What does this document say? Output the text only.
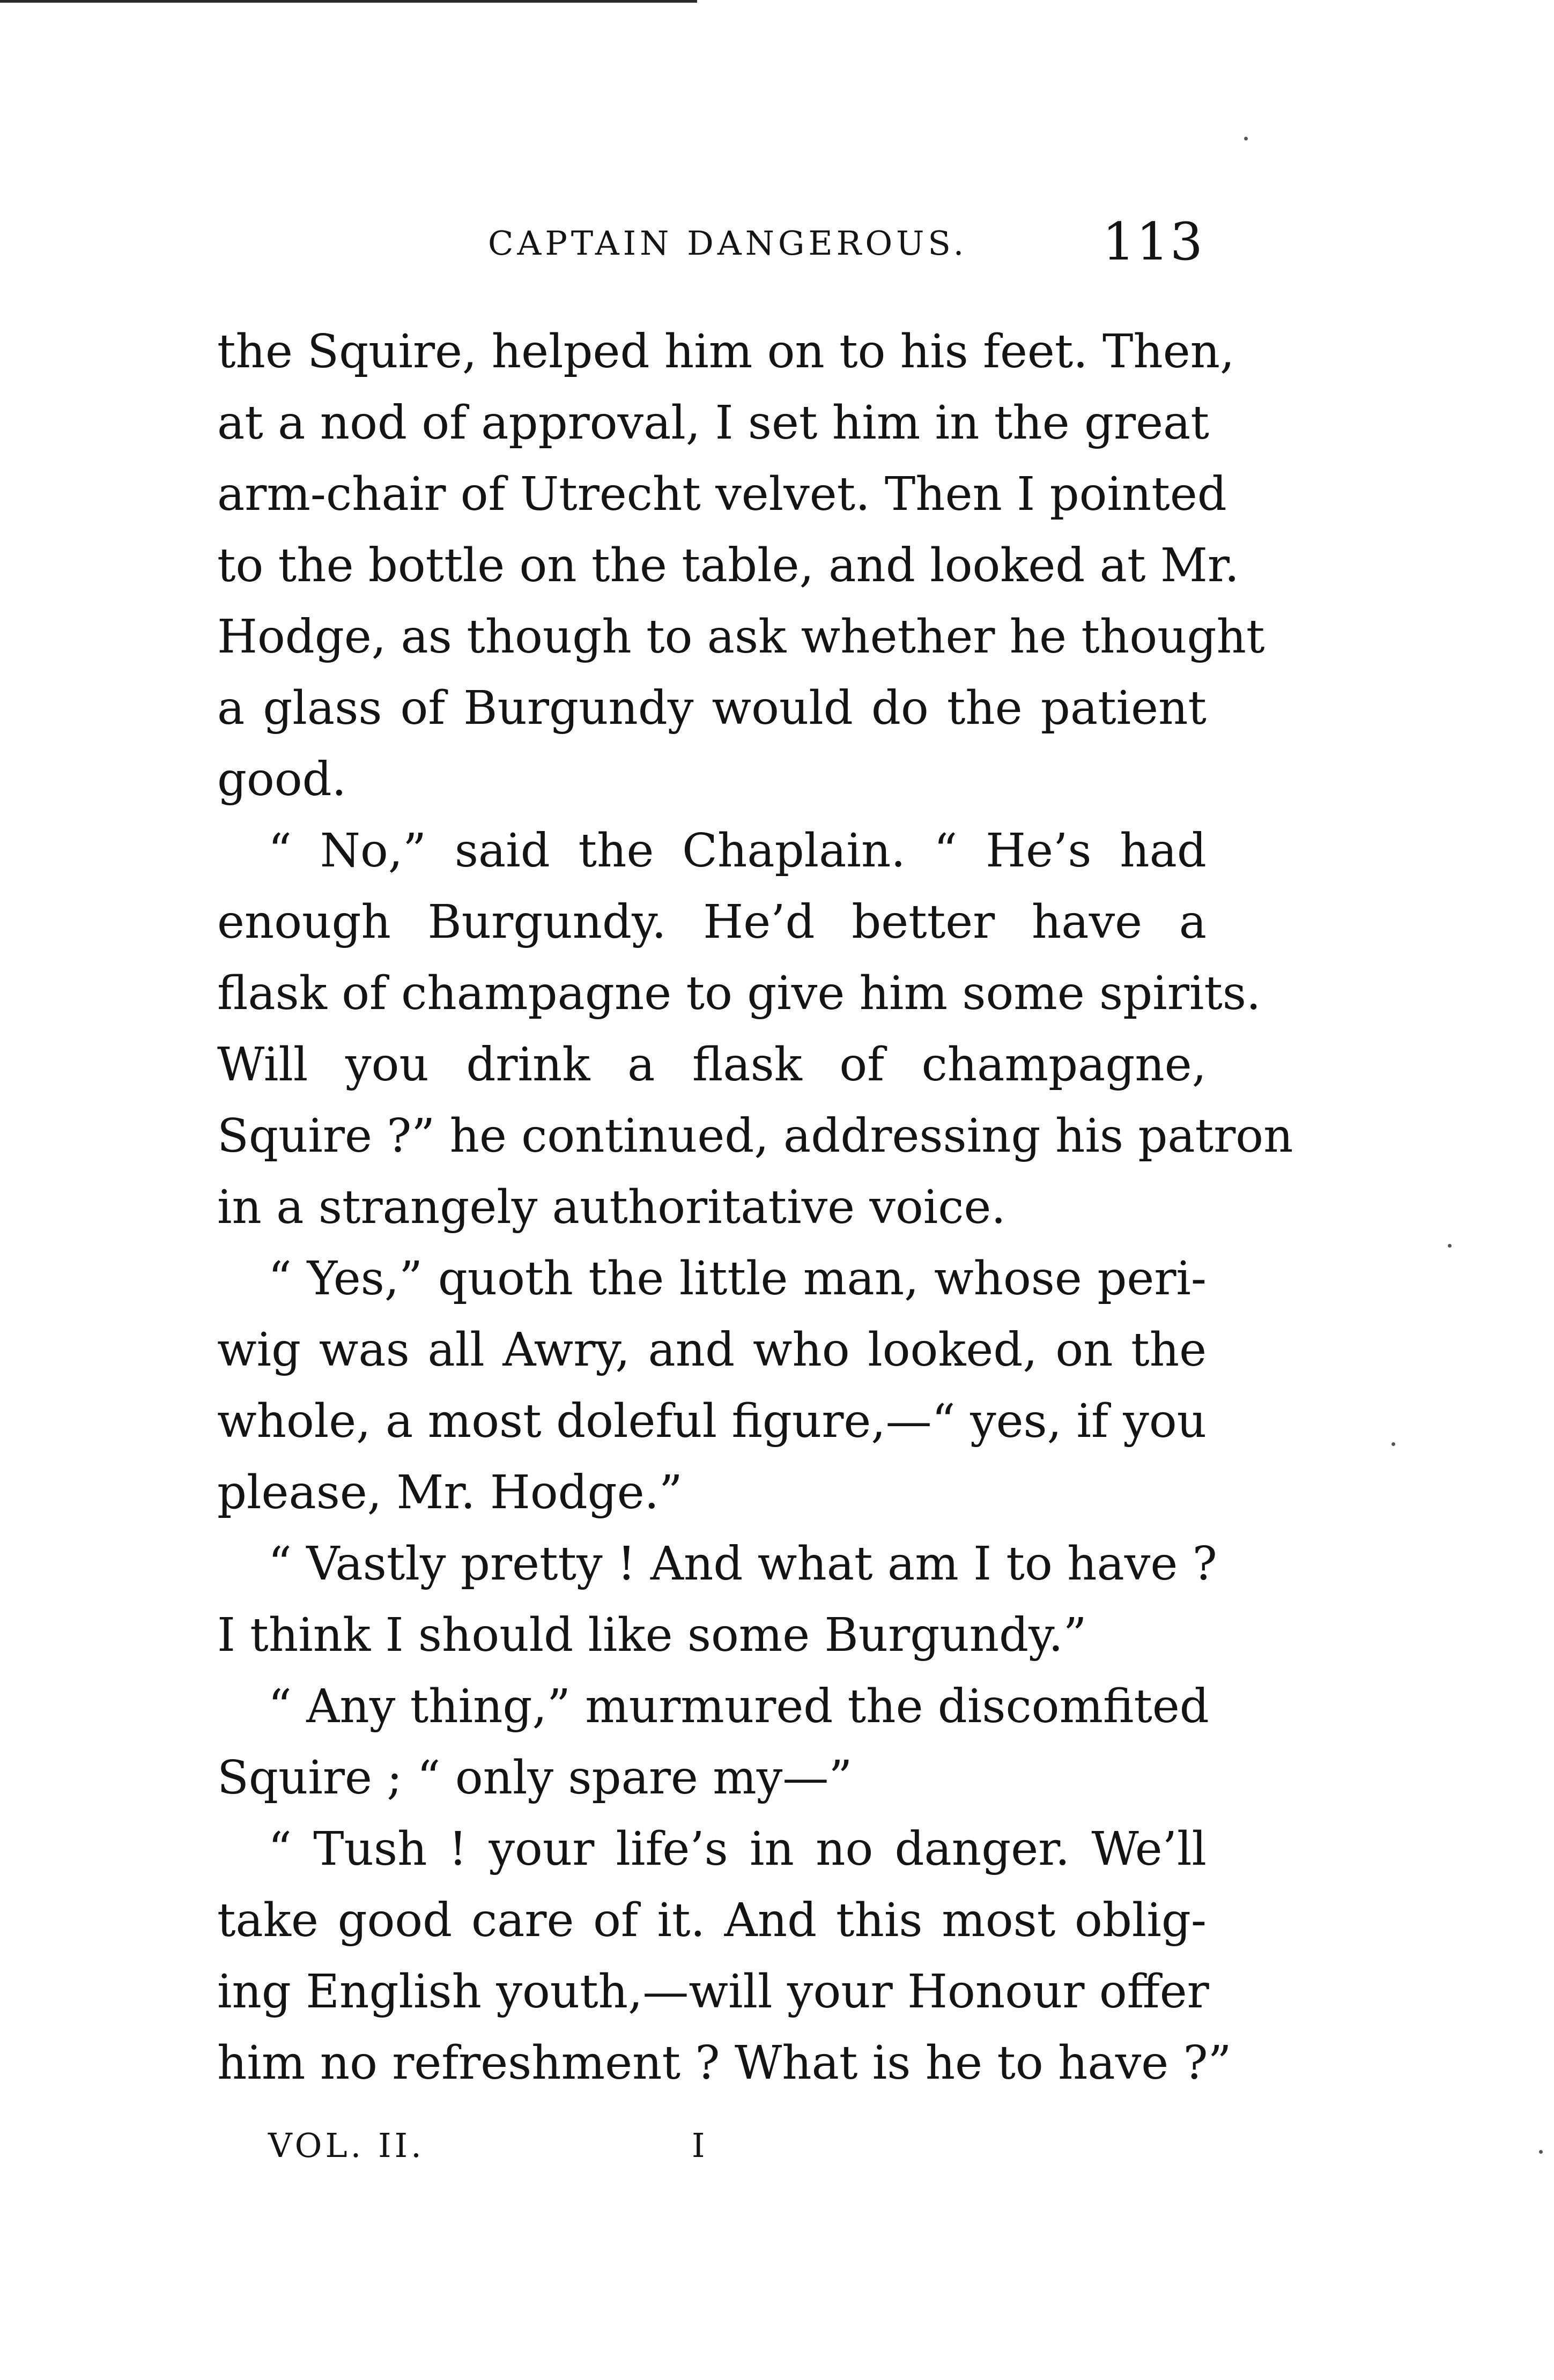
CAPTAIN DANGEROUS.	113
the Squire, helped him on to his feet. Then,
at a nod of approval, I set him in the great
arm-chair of Utrecht velvet. Then I pointed
to the bottle on the table, and looked at Mr.
Hodge, as though to ask whether he thought
a glass of Burgundy would do the patient
good.
“ No,” said the Chaplain. “ He’s had
enough Burgundy. He’d better have a
flask of champagne to give him some spirits.
Will you drink a flask of champagne,
Squire ?” he continued, addressing his patron
in a strangely authoritative voice.
“ Yes,” quoth the little man, whose peri-
wig was all Awry, and who looked, on the
whole, a most doleful figure,—“ yes, if you
please, Mr. Hodge.”
“ Vastly pretty ! And what am I to have ?
I think I should like some Burgundy.”
“ Any thing,” murmured the discomfited
Squire ; “ only spare my—”
“ Tush ! your life’s in no danger. We’ll
take good care of it. And this most oblig-
ing English youth,—will your Honour offer
him no refreshment ? What is he to have ?”
VOL. II.	I
